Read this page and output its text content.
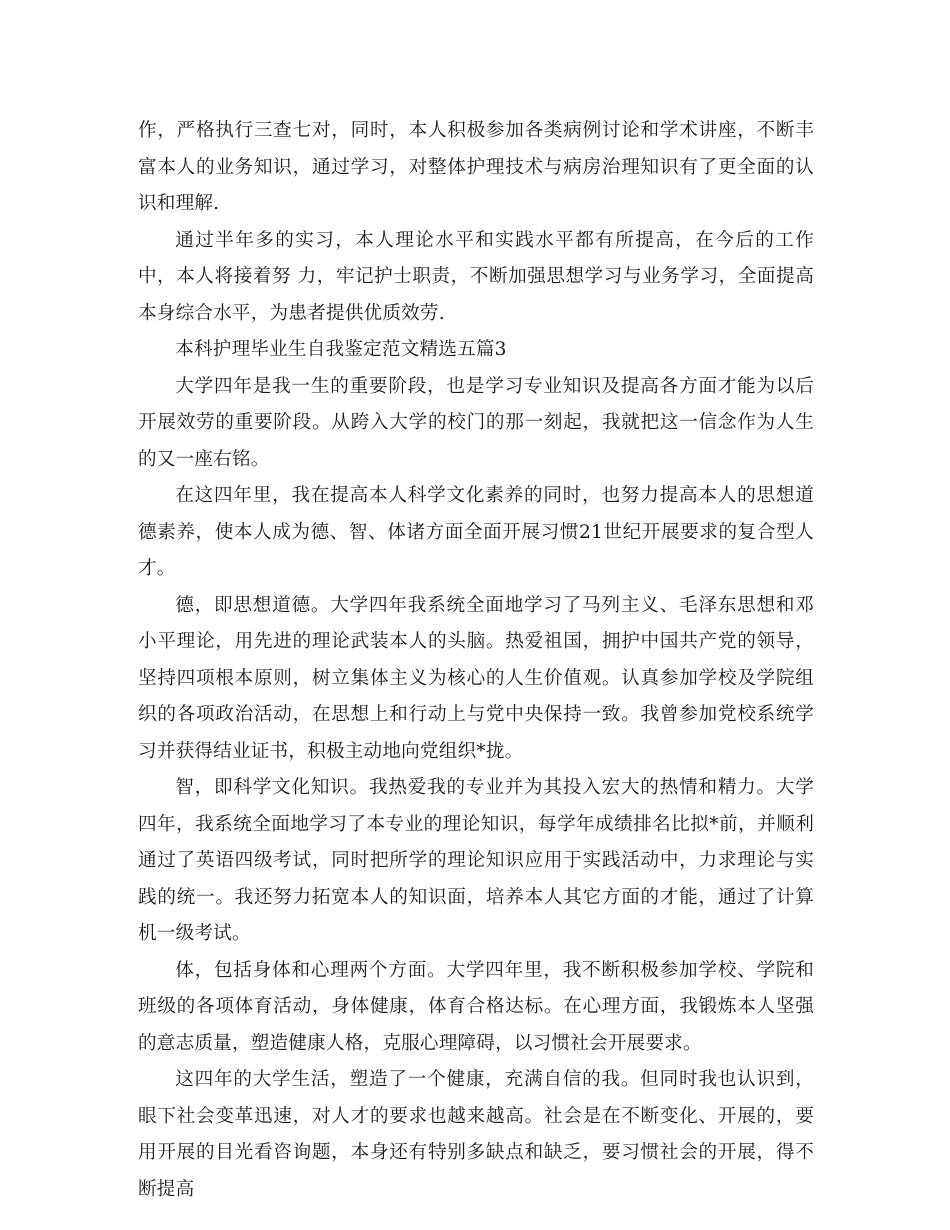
作，严格执行三查七对，同时，本人积极参加各类病例讨论和学术讲座，不断丰富本人的业务知识，通过学习，对整体护理技术与病房治理知识有了更全面的认识和理解.

通过半年多的实习，本人理论水平和实践水平都有所提高，在今后的工作中，本人将接着努 力，牢记护士职责，不断加强思想学习与业务学习，全面提高本身综合水平，为患者提供优质效劳.

本科护理毕业生自我鉴定范文精选五篇3

大学四年是我一生的重要阶段，也是学习专业知识及提高各方面才能为以后开展效劳的重要阶段。从跨入大学的校门的那一刻起，我就把这一信念作为人生的又一座右铭。

在这四年里，我在提高本人科学文化素养的同时，也努力提高本人的思想道德素养，使本人成为德、智、体诸方面全面开展习惯21世纪开展要求的复合型人才。

德，即思想道德。大学四年我系统全面地学习了马列主义、毛泽东思想和邓小平理论，用先进的理论武装本人的头脑。热爱祖国，拥护中国共产党的领导，坚持四项根本原则，树立集体主义为核心的人生价值观。认真参加学校及学院组织的各项政治活动，在思想上和行动上与党中央保持一致。我曾参加党校系统学习并获得结业证书，积极主动地向党组织*拢。

智，即科学文化知识。我热爱我的专业并为其投入宏大的热情和精力。大学四年，我系统全面地学习了本专业的理论知识，每学年成绩排名比拟*前，并顺利通过了英语四级考试，同时把所学的理论知识应用于实践活动中，力求理论与实践的统一。我还努力拓宽本人的知识面，培养本人其它方面的才能，通过了计算机一级考试。

体，包括身体和心理两个方面。大学四年里，我不断积极参加学校、学院和班级的各项体育活动，身体健康，体育合格达标。在心理方面，我锻炼本人坚强的意志质量，塑造健康人格，克服心理障碍，以习惯社会开展要求。

这四年的大学生活，塑造了一个健康，充满自信的我。但同时我也认识到，眼下社会变革迅速，对人才的要求也越来越高。社会是在不断变化、开展的，要用开展的目光看咨询题，本身还有特别多缺点和缺乏，要习惯社会的开展，得不断提高
